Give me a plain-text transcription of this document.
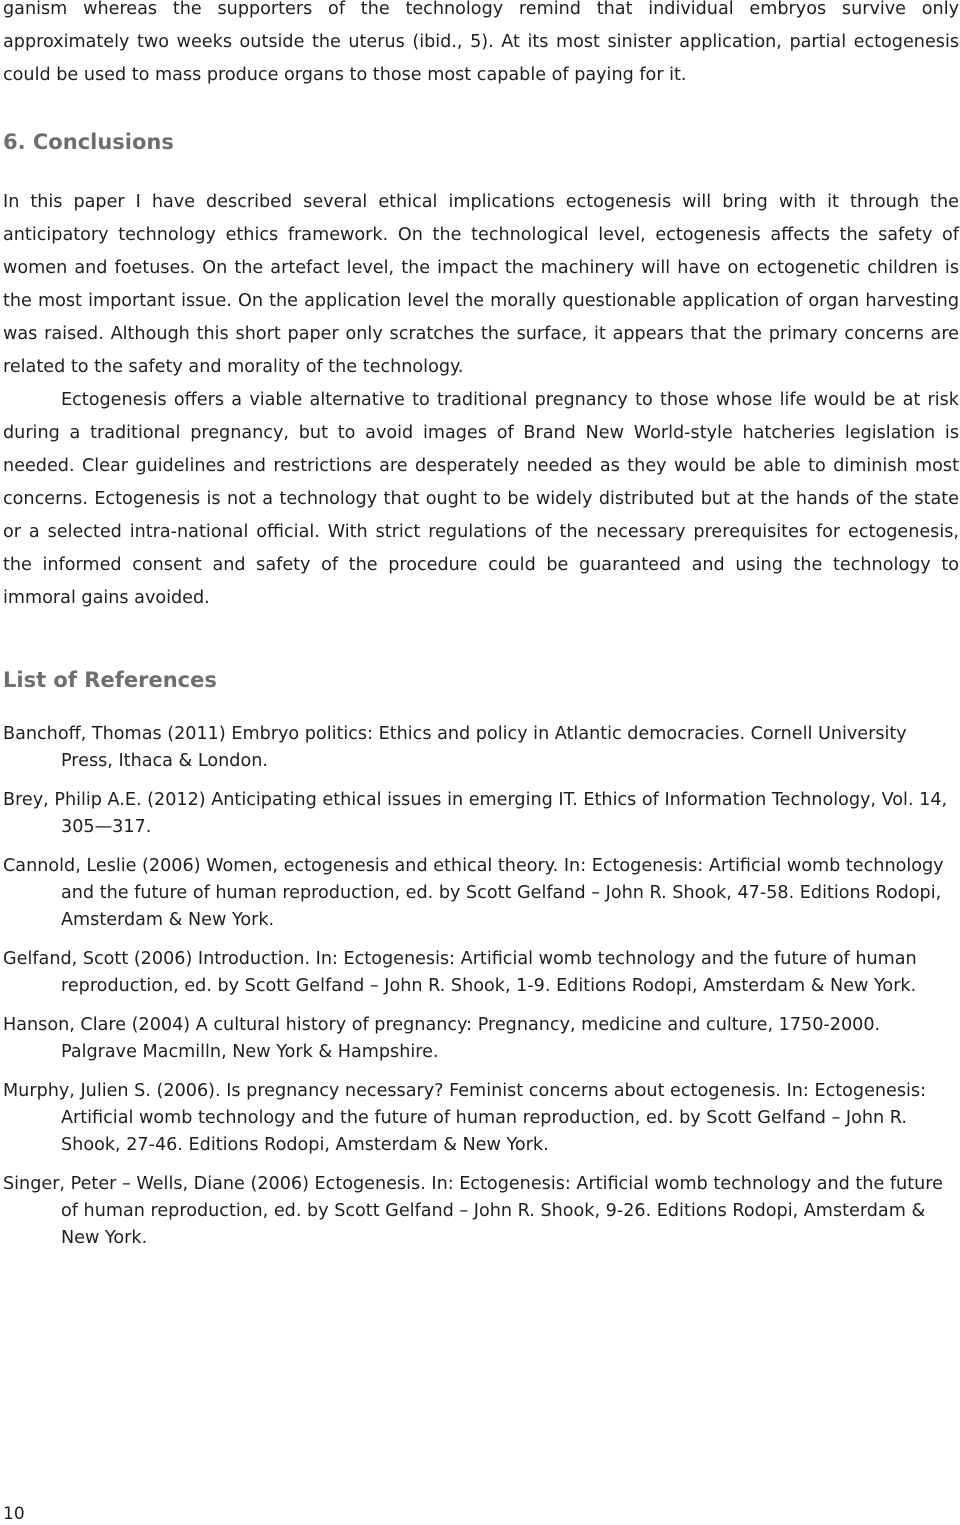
ganism whereas the supporters of the technology remind that individual embryos survive only approximately two weeks outside the uterus (ibid., 5). At its most sinister application, partial ectogenesis could be used to mass produce organs to those most capable of paying for it.

6. Conclusions

In this paper I have described several ethical implications ectogenesis will bring with it through the anticipatory technology ethics framework. On the technological level, ectogenesis affects the safety of women and foetuses. On the artefact level, the impact the machinery will have on ectogenetic children is the most important issue. On the application level the morally questionable application of organ harvesting was raised. Although this short paper only scratches the surface, it appears that the primary concerns are related to the safety and morality of the technology.

Ectogenesis offers a viable alternative to traditional pregnancy to those whose life would be at risk during a traditional pregnancy, but to avoid images of Brand New World-style hatcheries legislation is needed. Clear guidelines and restrictions are desperately needed as they would be able to diminish most concerns. Ectogenesis is not a technology that ought to be widely distributed but at the hands of the state or a selected intra-national official. With strict regulations of the necessary prerequisites for ectogenesis, the informed consent and safety of the procedure could be guaranteed and using the technology to immoral gains avoided.

List of References
Banchoff, Thomas (2011) Embryo politics: Ethics and policy in Atlantic democracies. Cornell University Press, Ithaca & London.
Brey, Philip A.E. (2012) Anticipating ethical issues in emerging IT. Ethics of Information Technology, Vol. 14, 305—317.
Cannold, Leslie (2006) Women, ectogenesis and ethical theory. In: Ectogenesis: Artificial womb technology and the future of human reproduction, ed. by Scott Gelfand – John R. Shook, 47-58. Editions Rodopi, Amsterdam & New York.
Gelfand, Scott (2006) Introduction. In: Ectogenesis: Artificial womb technology and the future of human reproduction, ed. by Scott Gelfand – John R. Shook, 1-9. Editions Rodopi, Amsterdam & New York.
Hanson, Clare (2004) A cultural history of pregnancy: Pregnancy, medicine and culture, 1750-2000. Palgrave Macmilln, New York & Hampshire.
Murphy, Julien S. (2006). Is pregnancy necessary? Feminist concerns about ectogenesis. In: Ectogenesis: Artificial womb technology and the future of human reproduction, ed. by Scott Gelfand – John R. Shook, 27-46. Editions Rodopi, Amsterdam & New York.
Singer, Peter – Wells, Diane (2006) Ectogenesis. In: Ectogenesis: Artificial womb technology and the future of human reproduction, ed. by Scott Gelfand – John R. Shook, 9-26. Editions Rodopi, Amsterdam & New York.
10
